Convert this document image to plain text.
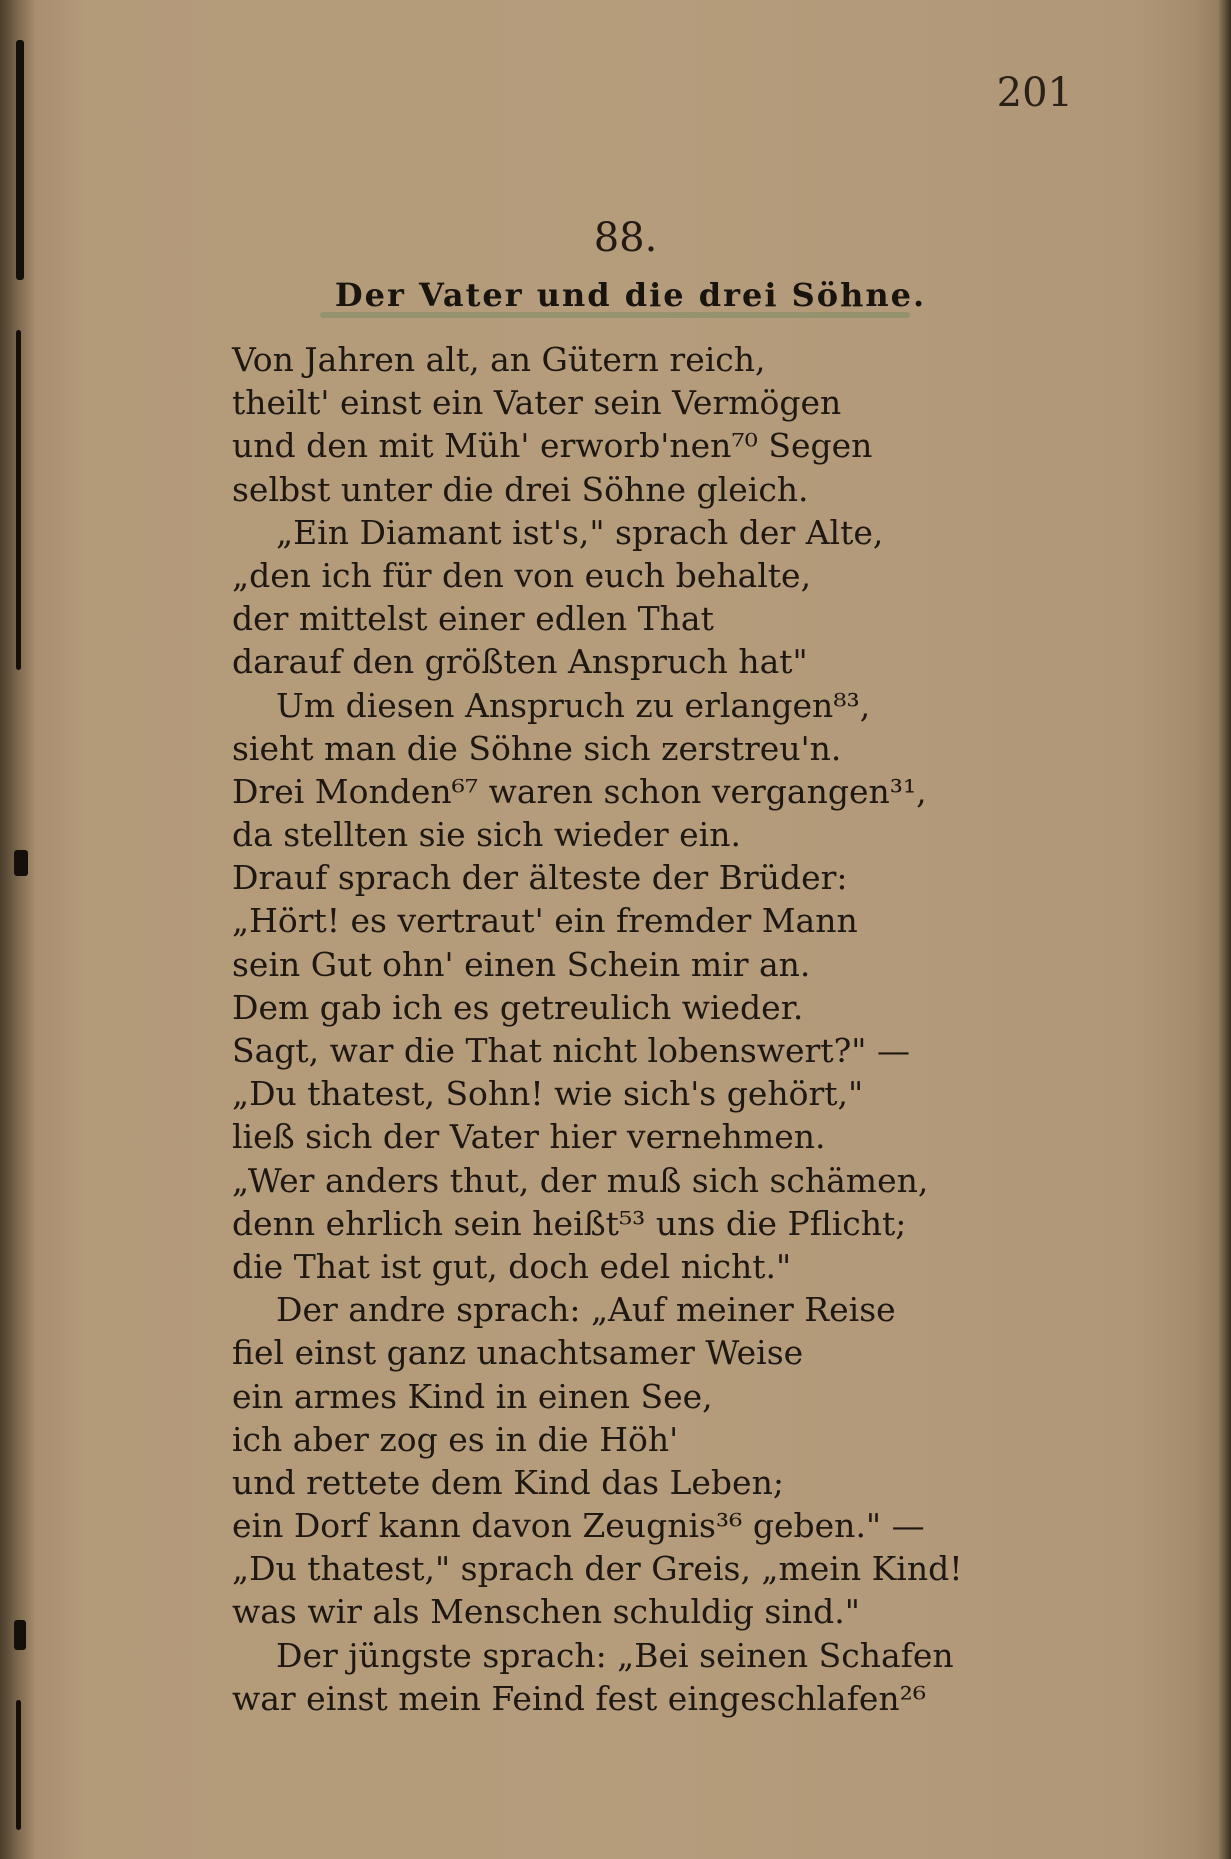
201
88.
Der Vater und die drei Söhne.
Von Jahren alt, an Gütern reich,
theilt' einst ein Vater sein Vermögen
und den mit Müh' erworb'nen⁷⁰ Segen
selbst unter die drei Söhne gleich.
„Ein Diamant ist's," sprach der Alte,
„den ich für den von euch behalte,
der mittelst einer edlen That
darauf den größten Anspruch hat"
Um diesen Anspruch zu erlangen⁸³,
sieht man die Söhne sich zerstreu'n.
Drei Monden⁶⁷ waren schon vergangen³¹,
da stellten sie sich wieder ein.
Drauf sprach der älteste der Brüder:
„Hört! es vertraut' ein fremder Mann
sein Gut ohn' einen Schein mir an.
Dem gab ich es getreulich wieder.
Sagt, war die That nicht lobenswert?" —
„Du thatest, Sohn! wie sich's gehört,"
ließ sich der Vater hier vernehmen.
„Wer anders thut, der muß sich schämen,
denn ehrlich sein heißt⁵³ uns die Pflicht;
die That ist gut, doch edel nicht."
Der andre sprach: „Auf meiner Reise
fiel einst ganz unachtsamer Weise
ein armes Kind in einen See,
ich aber zog es in die Höh'
und rettete dem Kind das Leben;
ein Dorf kann davon Zeugnis³⁶ geben." —
„Du thatest," sprach der Greis, „mein Kind!
was wir als Menschen schuldig sind."
Der jüngste sprach: „Bei seinen Schafen
war einst mein Feind fest eingeschlafen²⁶
